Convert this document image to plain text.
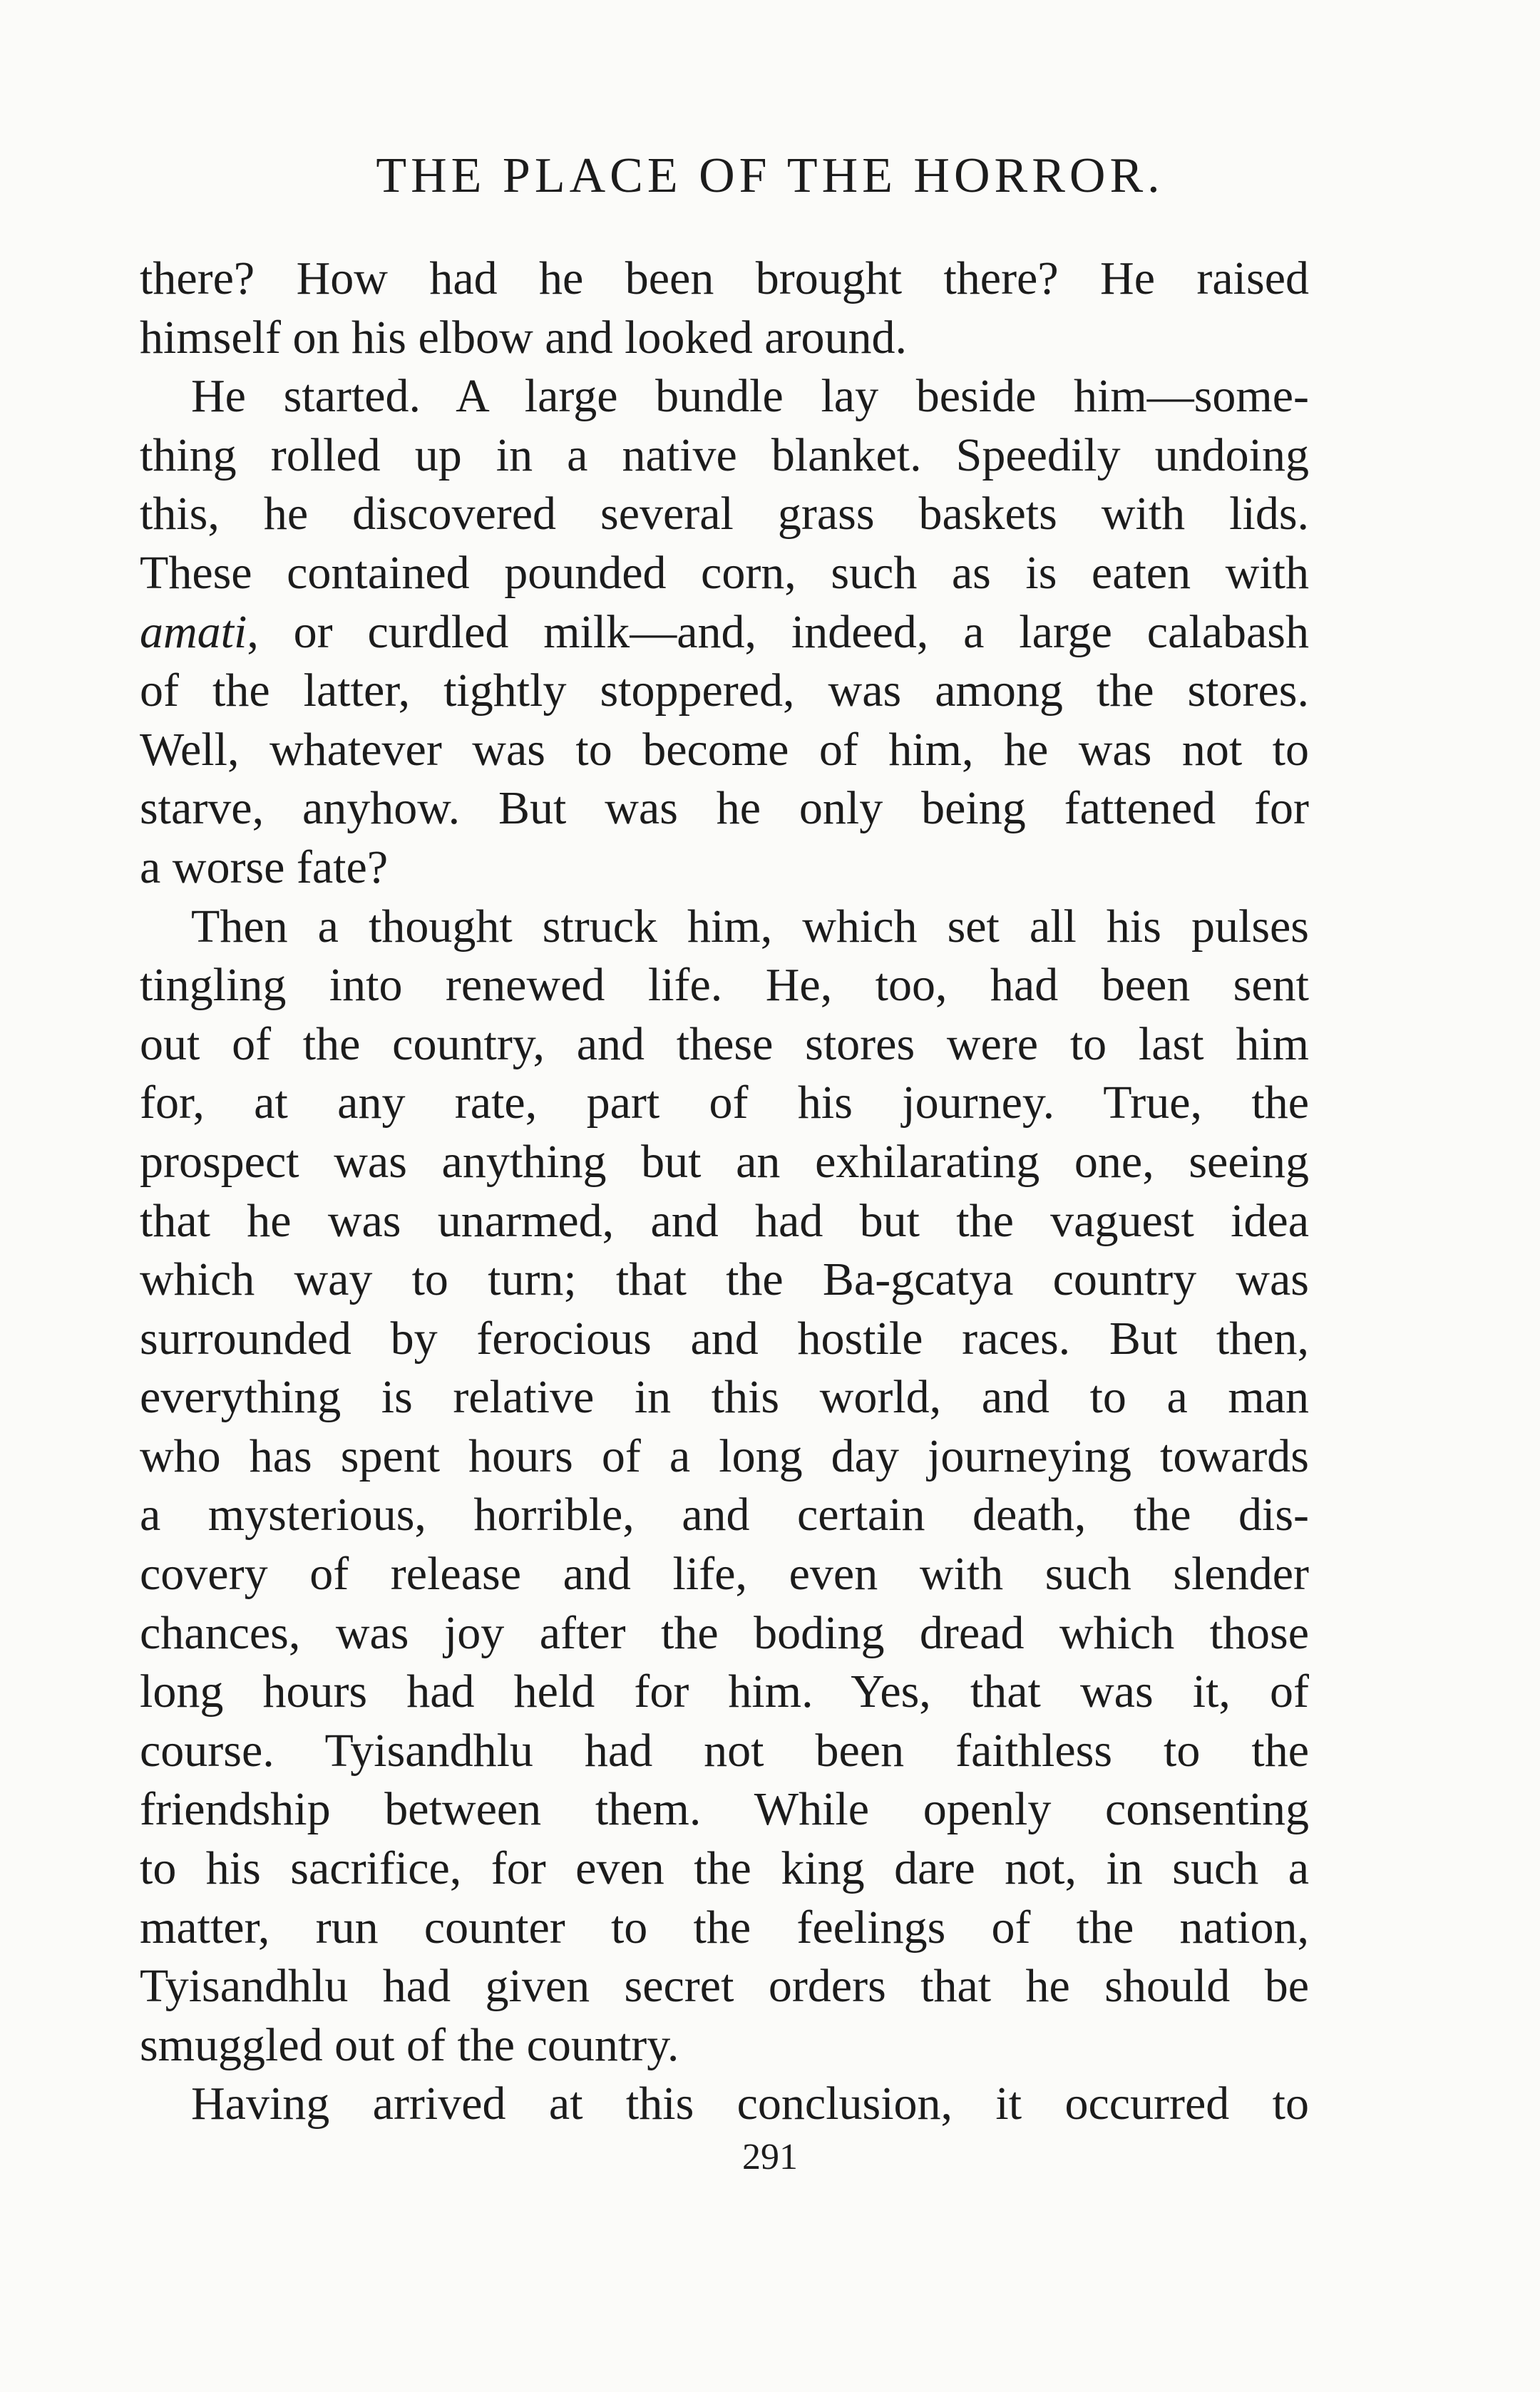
THE PLACE OF THE HORROR.

there? How had he been brought there? He raised

himself on his elbow and looked around.

He started. A large bundle lay beside him—some-

thing rolled up in a native blanket. Speedily undoing

this, he discovered several grass baskets with lids.

These contained pounded corn, such as is eaten with

amati, or curdled milk—and, indeed, a large calabash

of the latter, tightly stoppered, was among the stores.

Well, whatever was to become of him, he was not to

starve, anyhow. But was he only being fattened for

a worse fate?

Then a thought struck him, which set all his pulses

tingling into renewed life. He, too, had been sent

out of the country, and these stores were to last him

for, at any rate, part of his journey. True, the

prospect was anything but an exhilarating one, seeing

that he was unarmed, and had but the vaguest idea

which way to turn; that the Ba-gcatya country was

surrounded by ferocious and hostile races. But then,

everything is relative in this world, and to a man

who has spent hours of a long day journeying towards

a mysterious, horrible, and certain death, the dis-

covery of release and life, even with such slender

chances, was joy after the boding dread which those

long hours had held for him. Yes, that was it, of

course. Tyisandhlu had not been faithless to the

friendship between them. While openly consenting

to his sacrifice, for even the king dare not, in such a

matter, run counter to the feelings of the nation,

Tyisandhlu had given secret orders that he should be

smuggled out of the country.

Having arrived at this conclusion, it occurred to

291
